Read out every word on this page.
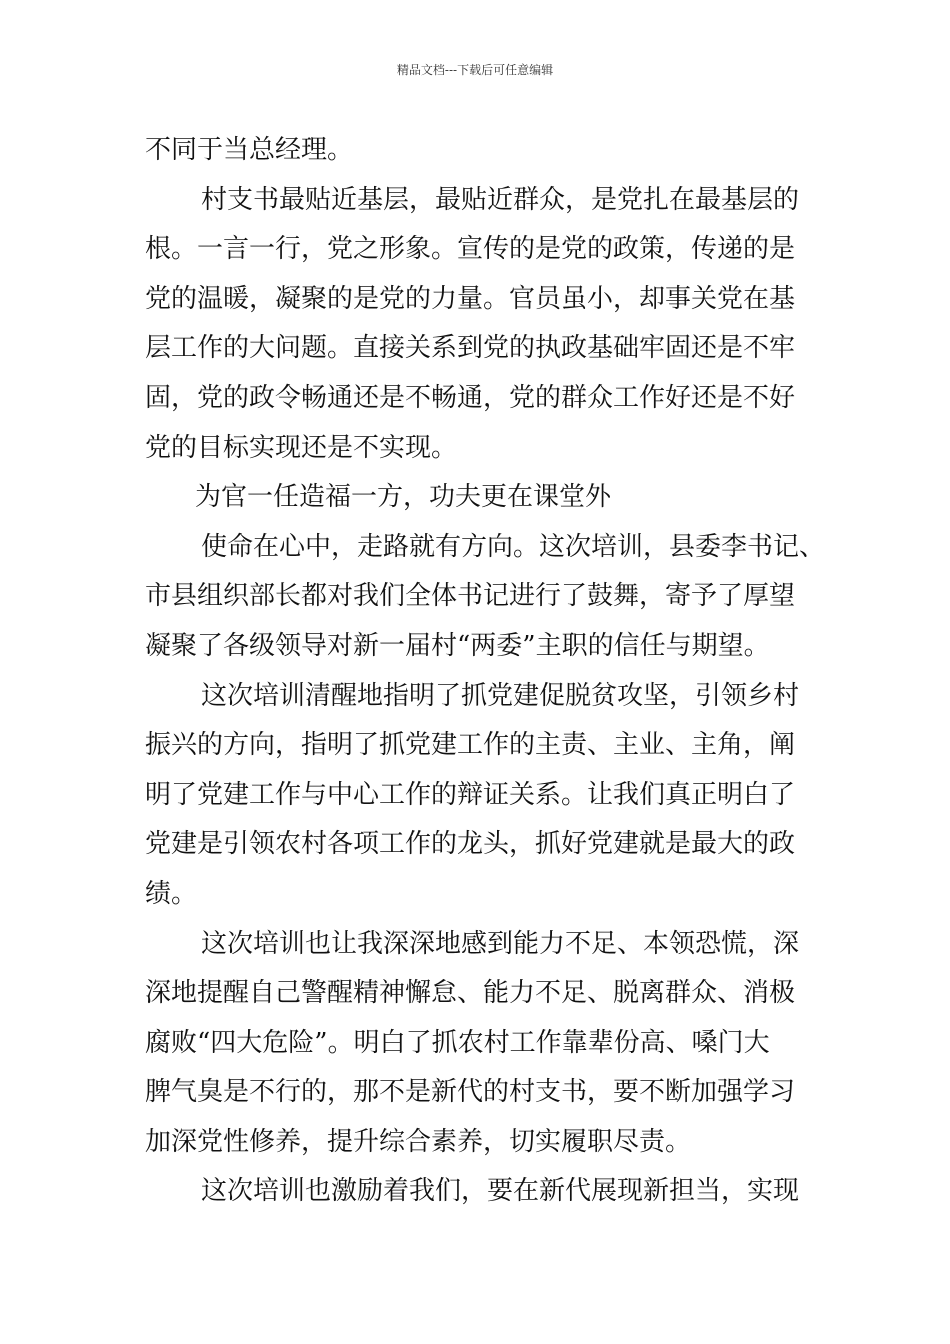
精品文档---下载后可任意编辑
不同于当总经理。
村支书最贴近基层，最贴近群众，是党扎在最基层的
根。一言一行，党之形象。宣传的是党的政策，传递的是
党的温暖，凝聚的是党的力量。官员虽小，却事关党在基
层工作的大问题。直接关系到党的执政基础牢固还是不牢
固，党的政令畅通还是不畅通，党的群众工作好还是不好
党的目标实现还是不实现。
为官一任造福一方，功夫更在课堂外
使命在心中，走路就有方向。这次培训，县委李书记、
市县组织部长都对我们全体书记进行了鼓舞，寄予了厚望
凝聚了各级领导对新一届村“两委”主职的信任与期望。
这次培训清醒地指明了抓党建促脱贫攻坚，引领乡村
振兴的方向，指明了抓党建工作的主责、主业、主角，阐
明了党建工作与中心工作的辩证关系。让我们真正明白了
党建是引领农村各项工作的龙头，抓好党建就是最大的政
绩。
这次培训也让我深深地感到能力不足、本领恐慌，深
深地提醒自己警醒精神懈怠、能力不足、脱离群众、消极
腐败“四大危险”。明白了抓农村工作靠辈份高、嗓门大
脾气臭是不行的，那不是新代的村支书，要不断加强学习
加深党性修养，提升综合素养，切实履职尽责。
这次培训也激励着我们，要在新代展现新担当，实现
